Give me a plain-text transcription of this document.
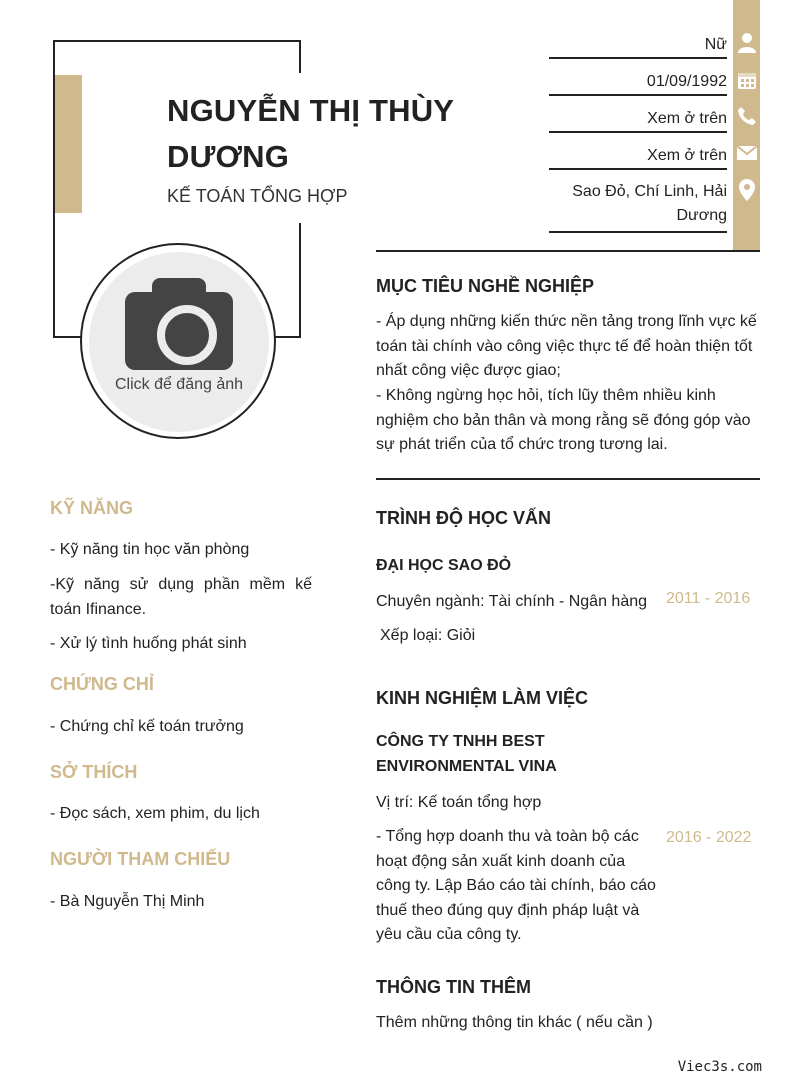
NGUYỄN THỊ THÙY DƯƠNG
KẾ TOÁN TỔNG HỢP
Click để đăng ảnh
Nữ
01/09/1992
Xem ở trên
Xem ở trên
Sao Đỏ, Chí Linh, Hải Dương
MỤC TIÊU NGHỀ NGHIỆP
- Áp dụng những kiến thức nền tảng trong lĩnh vực kế toán tài chính vào công việc thực tế để hoàn thiện tốt nhất công việc được giao;
- Không ngừng học hỏi, tích lũy thêm nhiều kinh nghiệm cho bản thân và mong rằng sẽ đóng góp vào sự phát triển của tổ chức trong tương lai.
TRÌNH ĐỘ HỌC VẤN
ĐẠI HỌC SAO ĐỎ
Chuyên ngành: Tài chính - Ngân hàng 2011 - 2016
Xếp loại: Giỏi
KINH NGHIỆM LÀM VIỆC
CÔNG TY TNHH BEST ENVIRONMENTAL VINA
Vị trí: Kế toán tổng hợp
- Tổng hợp doanh thu và toàn bộ các hoạt động sản xuất kinh doanh của công ty. Lập Báo cáo tài chính, báo cáo thuế theo đúng quy định pháp luật và yêu cầu của công ty.
2016 - 2022
THÔNG TIN THÊM
Thêm những thông tin khác ( nếu cần )
KỸ NĂNG
- Kỹ năng tin học văn phòng
-Kỹ năng sử dụng phần mềm kế toán Ifinance.
- Xử lý tình huống phát sinh
CHỨNG CHỈ
- Chứng chỉ kế toán trưởng
SỞ THÍCH
- Đọc sách, xem phim, du lịch
NGƯỜI THAM CHIẾU
- Bà Nguyễn Thị Minh
Viec3s.com
